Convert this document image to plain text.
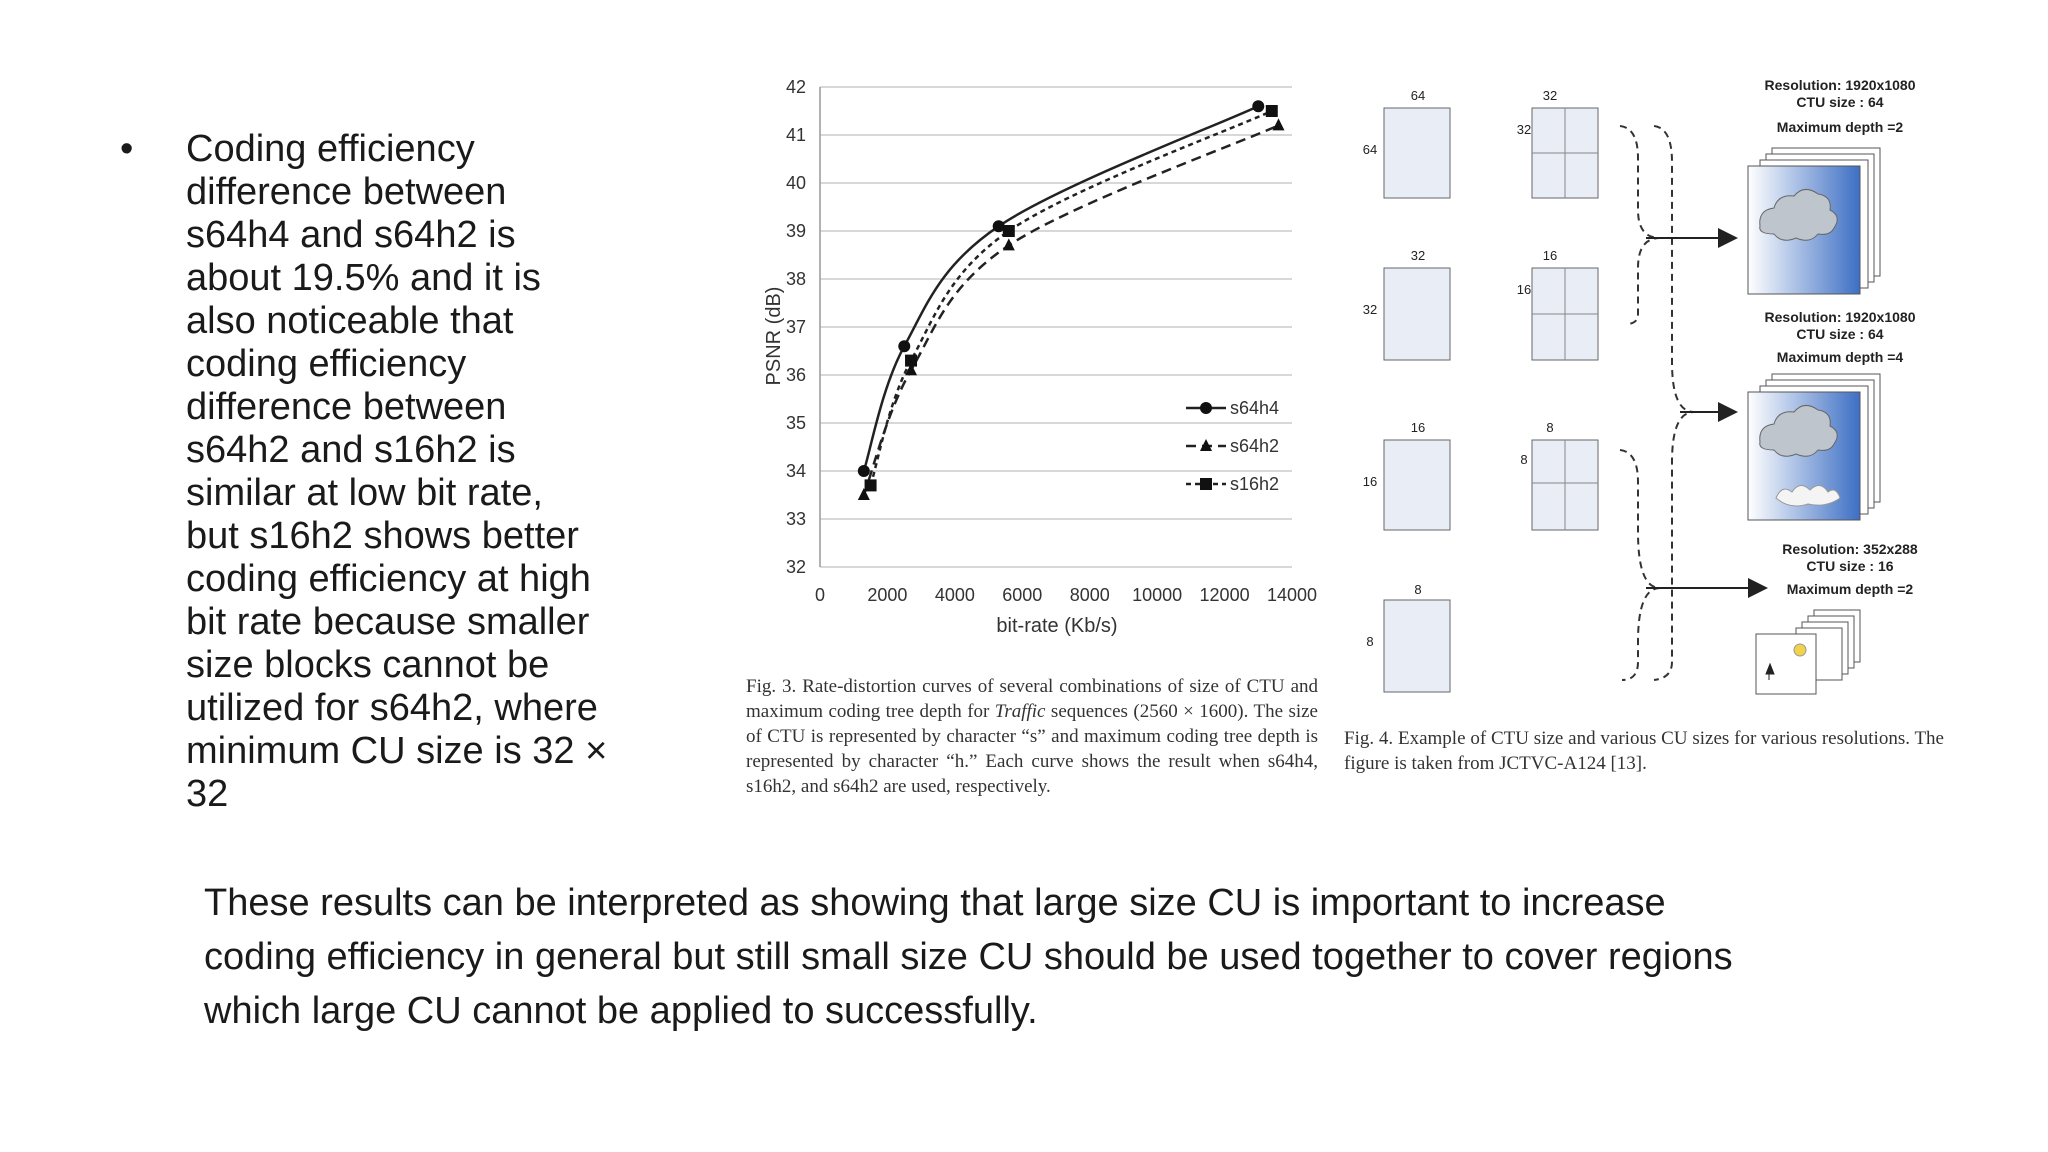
•	Coding efficiency
difference between
s64h4 and s64h2 is
about 19.5% and it is
also noticeable that
coding efficiency
difference between
s64h2 and s16h2 is
similar at low bit rate,
but s16h2 shows better
coding efficiency at high
bit rate because smaller
size blocks cannot be
utilized for s64h2, where
minimum CU size is 32 ×
32

32
33
34
35
36
37
38
39
40
41
42
0 2000 4000 6000 8000 10000 12000 14000
bit-rate (Kb/s)
PSNR (dB)
s64h4
s64h2
s16h2

Fig. 3. Rate-distortion curves of several combinations of size of CTU and maximum coding tree depth for Traffic sequences (2560 × 1600). The size of CTU is represented by character “s” and maximum coding tree depth is represented by character “h.” Each curve shows the result when s64h4, s16h2, and s64h2 are used, respectively.

64
64
32
32
32
32
16
16
16
16
8
8
8
8
Resolution: 1920x1080
CTU size : 64
Maximum depth =2
Resolution: 1920x1080
CTU size : 64
Maximum depth =4
Resolution: 352x288
CTU size : 16
Maximum depth =2

Fig. 4. Example of CTU size and various CU sizes for various resolutions. The figure is taken from JCTVC-A124 [13].

These results can be interpreted as showing that large size CU is important to increase
coding efficiency in general but still small size CU should be used together to cover regions
which large CU cannot be applied to successfully.
